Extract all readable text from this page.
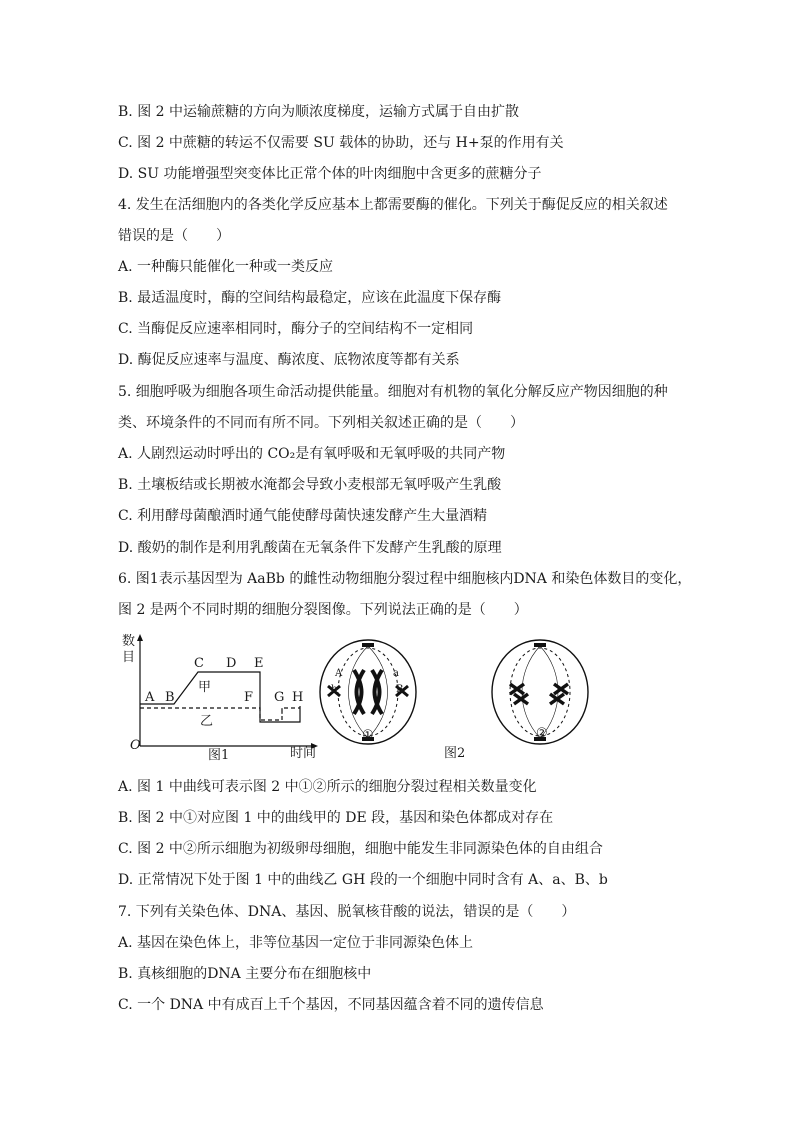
B. 图 2 中运输蔗糖的方向为顺浓度梯度，运输方式属于自由扩散
C. 图 2 中蔗糖的转运不仅需要 SU 载体的协助，还与 H+泵的作用有关
D. SU 功能增强型突变体比正常个体的叶肉细胞中含更多的蔗糖分子
4. 发生在活细胞内的各类化学反应基本上都需要酶的催化。下列关于酶促反应的相关叙述
错误的是（　　）
A. 一种酶只能催化一种或一类反应
B. 最适温度时，酶的空间结构最稳定，应该在此温度下保存酶
C. 当酶促反应速率相同时，酶分子的空间结构不一定相同
D. 酶促反应速率与温度、酶浓度、底物浓度等都有关系
5. 细胞呼吸为细胞各项生命活动提供能量。细胞对有机物的氧化分解反应产物因细胞的种
类、环境条件的不同而有所不同。下列相关叙述正确的是（　　）
A. 人剧烈运动时呼出的 CO₂是有氧呼吸和无氧呼吸的共同产物
B. 土壤板结或长期被水淹都会导致小麦根部无氧呼吸产生乳酸
C. 利用酵母菌酿酒时通气能使酵母菌快速发酵产生大量酒精
D. 酸奶的制作是利用乳酸菌在无氧条件下发酵产生乳酸的原理
6. 图1表示基因型为 AaBb 的雌性动物细胞分裂过程中细胞核内DNA 和染色体数目的变化，
图 2 是两个不同时期的细胞分裂图像。下列说法正确的是（　　）
A. 图 1 中曲线可表示图 2 中①②所示的细胞分裂过程相关数量变化
B. 图 2 中①对应图 1 中的曲线甲的 DE 段，基因和染色体都成对存在
C. 图 2 中②所示细胞为初级卵母细胞，细胞中能发生非同源染色体的自由组合
D. 正常情况下处于图 1 中的曲线乙 GH 段的一个细胞中同时含有 A、a、B、b
7. 下列有关染色体、DNA、基因、脱氧核苷酸的说法，错误的是（　　）
A. 基因在染色体上，非等位基因一定位于非同源染色体上
B. 真核细胞的DNA 主要分布在细胞核中
C. 一个 DNA 中有成百上千个基因，不同基因蕴含着不同的遗传信息
数
目
O
时间
A B
C D E
F G H
甲
乙
图1
A	a
b	B
①	②
图2
